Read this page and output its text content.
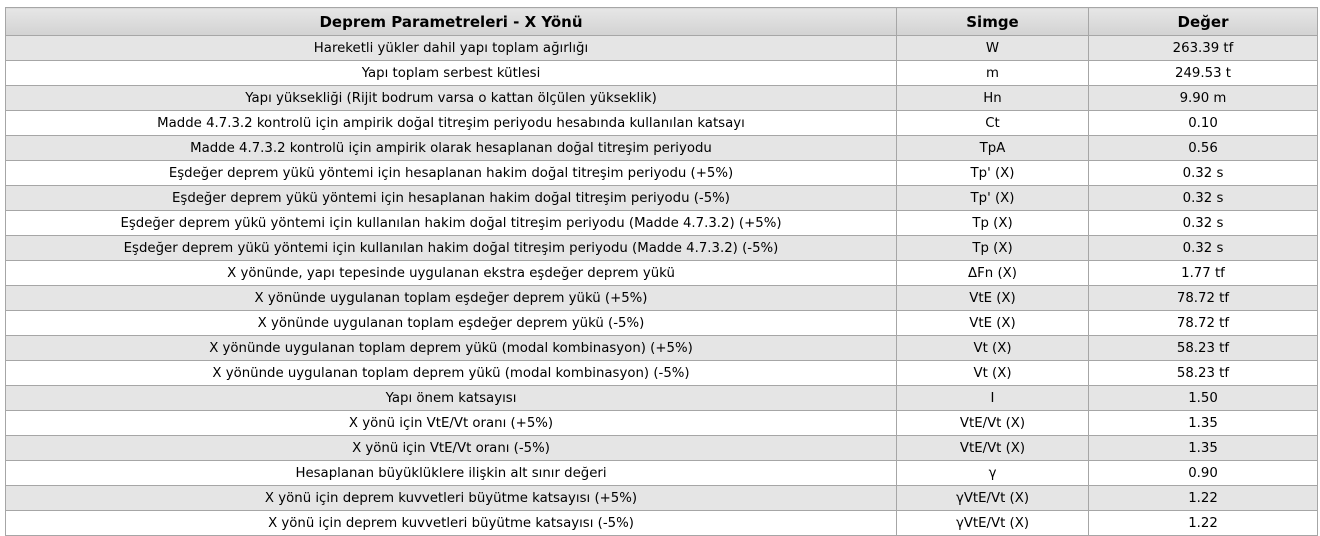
Deprem Parametreleri - X Yönü	Simge	Değer
Hareketli yükler dahil yapı toplam ağırlığı	W	263.39 tf
Yapı toplam serbest kütlesi	m	249.53 t
Yapı yüksekliği (Rijit bodrum varsa o kattan ölçülen yükseklik)	Hn	9.90 m
Madde 4.7.3.2 kontrolü için ampirik doğal titreşim periyodu hesabında kullanılan katsayı	Ct	0.10
Madde 4.7.3.2 kontrolü için ampirik olarak hesaplanan doğal titreşim periyodu	TpA	0.56
Eşdeğer deprem yükü yöntemi için hesaplanan hakim doğal titreşim periyodu (+5%)	Tp' (X)	0.32 s
Eşdeğer deprem yükü yöntemi için hesaplanan hakim doğal titreşim periyodu (-5%)	Tp' (X)	0.32 s
Eşdeğer deprem yükü yöntemi için kullanılan hakim doğal titreşim periyodu (Madde 4.7.3.2) (+5%)	Tp (X)	0.32 s
Eşdeğer deprem yükü yöntemi için kullanılan hakim doğal titreşim periyodu (Madde 4.7.3.2) (-5%)	Tp (X)	0.32 s
X yönünde, yapı tepesinde uygulanan ekstra eşdeğer deprem yükü	ΔFn (X)	1.77 tf
X yönünde uygulanan toplam eşdeğer deprem yükü (+5%)	VtE (X)	78.72 tf
X yönünde uygulanan toplam eşdeğer deprem yükü (-5%)	VtE (X)	78.72 tf
X yönünde uygulanan toplam deprem yükü (modal kombinasyon) (+5%)	Vt (X)	58.23 tf
X yönünde uygulanan toplam deprem yükü (modal kombinasyon) (-5%)	Vt (X)	58.23 tf
Yapı önem katsayısı	I	1.50
X yönü için VtE/Vt oranı (+5%)	VtE/Vt (X)	1.35
X yönü için VtE/Vt oranı (-5%)	VtE/Vt (X)	1.35
Hesaplanan büyüklüklere ilişkin alt sınır değeri	γ	0.90
X yönü için deprem kuvvetleri büyütme katsayısı (+5%)	γVtE/Vt (X)	1.22
X yönü için deprem kuvvetleri büyütme katsayısı (-5%)	γVtE/Vt (X)	1.22
